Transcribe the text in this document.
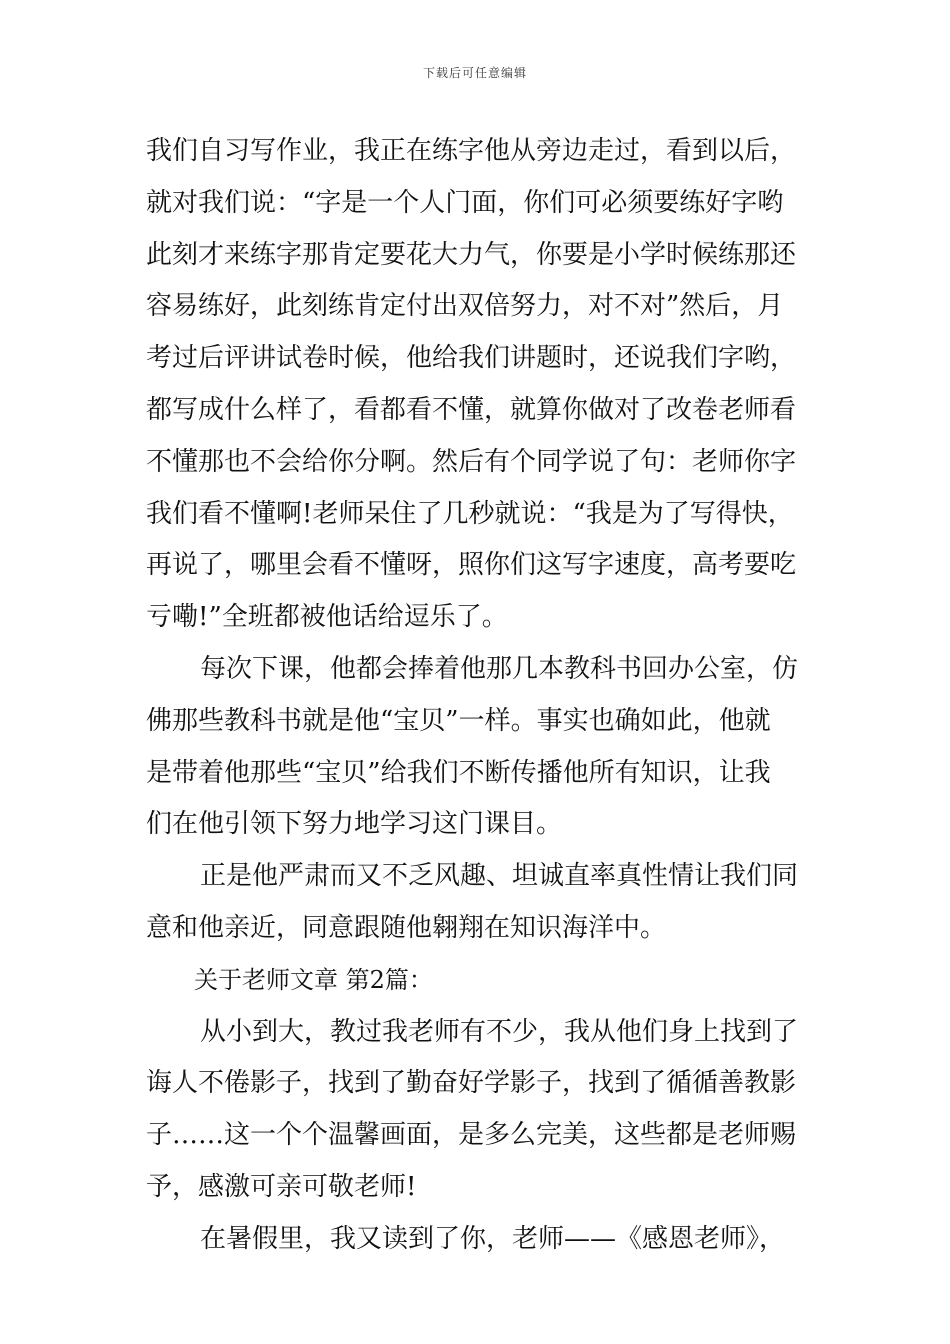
下载后可任意编辑
我们自习写作业，我正在练字他从旁边走过，看到以后，
就对我们说：“字是一个人门面，你们可必须要练好字哟
此刻才来练字那肯定要花大力气，你要是小学时候练那还
容易练好，此刻练肯定付出双倍努力，对不对”然后，月
考过后评讲试卷时候，他给我们讲题时，还说我们字哟，
都写成什么样了，看都看不懂，就算你做对了改卷老师看
不懂那也不会给你分啊。然后有个同学说了句：老师你字
我们看不懂啊!老师呆住了几秒就说：“我是为了写得快，
再说了，哪里会看不懂呀，照你们这写字速度，高考要吃
亏嘞!”全班都被他话给逗乐了。
每次下课，他都会捧着他那几本教科书回办公室，仿
佛那些教科书就是他“宝贝”一样。事实也确如此，他就
是带着他那些“宝贝”给我们不断传播他所有知识，让我
们在他引领下努力地学习这门课目。
正是他严肃而又不乏风趣、坦诚直率真性情让我们同
意和他亲近，同意跟随他翱翔在知识海洋中。
关于老师文章 第2篇：
从小到大，教过我老师有不少，我从他们身上找到了
诲人不倦影子，找到了勤奋好学影子，找到了循循善教影
子……这一个个温馨画面，是多么完美，这些都是老师赐
予，感激可亲可敬老师!
在暑假里，我又读到了你，老师——《感恩老师》，
